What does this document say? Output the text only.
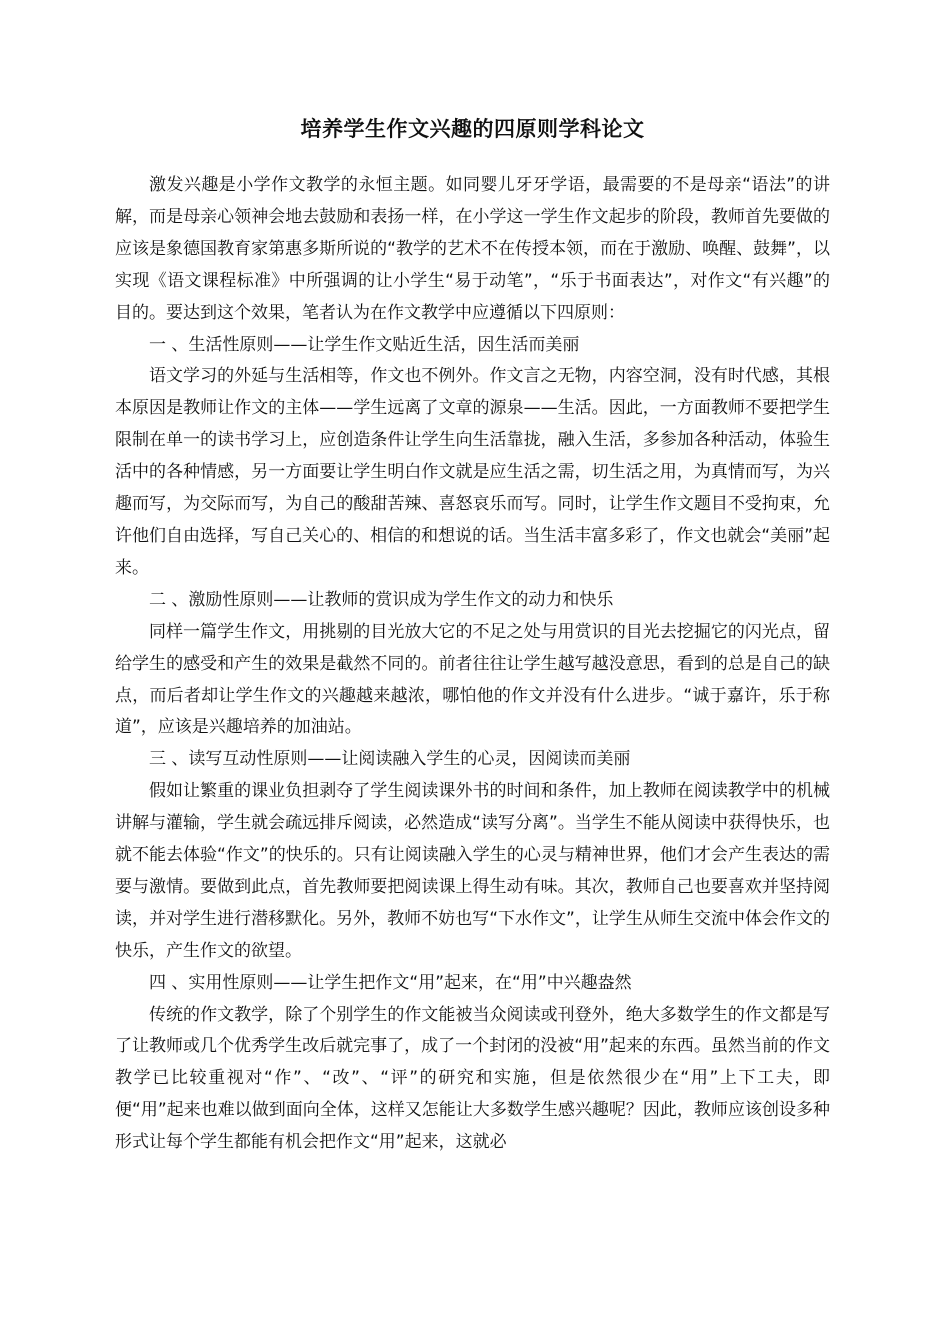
培养学生作文兴趣的四原则学科论文

激发兴趣是小学作文教学的永恒主题。如同婴儿牙牙学语，最需要的不是母亲“语法”的讲解，而是母亲心领神会地去鼓励和表扬一样，在小学这一学生作文起步的阶段，教师首先要做的应该是象德国教育家第惠多斯所说的“教学的艺术不在传授本领，而在于激励、唤醒、鼓舞”，以实现《语文课程标准》中所强调的让小学生“易于动笔”，“乐于书面表达”，对作文“有兴趣”的目的。要达到这个效果，笔者认为在作文教学中应遵循以下四原则：

一 、生活性原则——让学生作文贴近生活，因生活而美丽

语文学习的外延与生活相等，作文也不例外。作文言之无物，内容空洞，没有时代感，其根本原因是教师让作文的主体——学生远离了文章的源泉——生活。因此，一方面教师不要把学生限制在单一的读书学习上，应创造条件让学生向生活靠拢，融入生活，多参加各种活动，体验生活中的各种情感，另一方面要让学生明白作文就是应生活之需，切生活之用，为真情而写，为兴趣而写，为交际而写，为自己的酸甜苦辣、喜怒哀乐而写。同时，让学生作文题目不受拘束，允许他们自由选择，写自己关心的、相信的和想说的话。当生活丰富多彩了，作文也就会“美丽”起来。

二 、激励性原则——让教师的赏识成为学生作文的动力和快乐

同样一篇学生作文，用挑剔的目光放大它的不足之处与用赏识的目光去挖掘它的闪光点，留给学生的感受和产生的效果是截然不同的。前者往往让学生越写越没意思，看到的总是自己的缺点，而后者却让学生作文的兴趣越来越浓，哪怕他的作文并没有什么进步。“诚于嘉许，乐于称道”，应该是兴趣培养的加油站。

三 、读写互动性原则——让阅读融入学生的心灵，因阅读而美丽

假如让繁重的课业负担剥夺了学生阅读课外书的时间和条件，加上教师在阅读教学中的机械讲解与灌输，学生就会疏远排斥阅读，必然造成“读写分离”。当学生不能从阅读中获得快乐，也就不能去体验“作文”的快乐的。只有让阅读融入学生的心灵与精神世界，他们才会产生表达的需要与激情。要做到此点，首先教师要把阅读课上得生动有味。其次，教师自己也要喜欢并坚持阅读，并对学生进行潜移默化。另外，教师不妨也写“下水作文”，让学生从师生交流中体会作文的快乐，产生作文的欲望。

四 、实用性原则——让学生把作文“用”起来，在“用”中兴趣盎然

传统的作文教学，除了个别学生的作文能被当众阅读或刊登外，绝大多数学生的作文都是写了让教师或几个优秀学生改后就完事了，成了一个封闭的没被“用”起来的东西。虽然当前的作文教学已比较重视对“作”、“改”、“评”的研究和实施，但是依然很少在“用”上下工夫，即便“用”起来也难以做到面向全体，这样又怎能让大多数学生感兴趣呢？因此，教师应该创设多种形式让每个学生都能有机会把作文“用”起来，这就必
